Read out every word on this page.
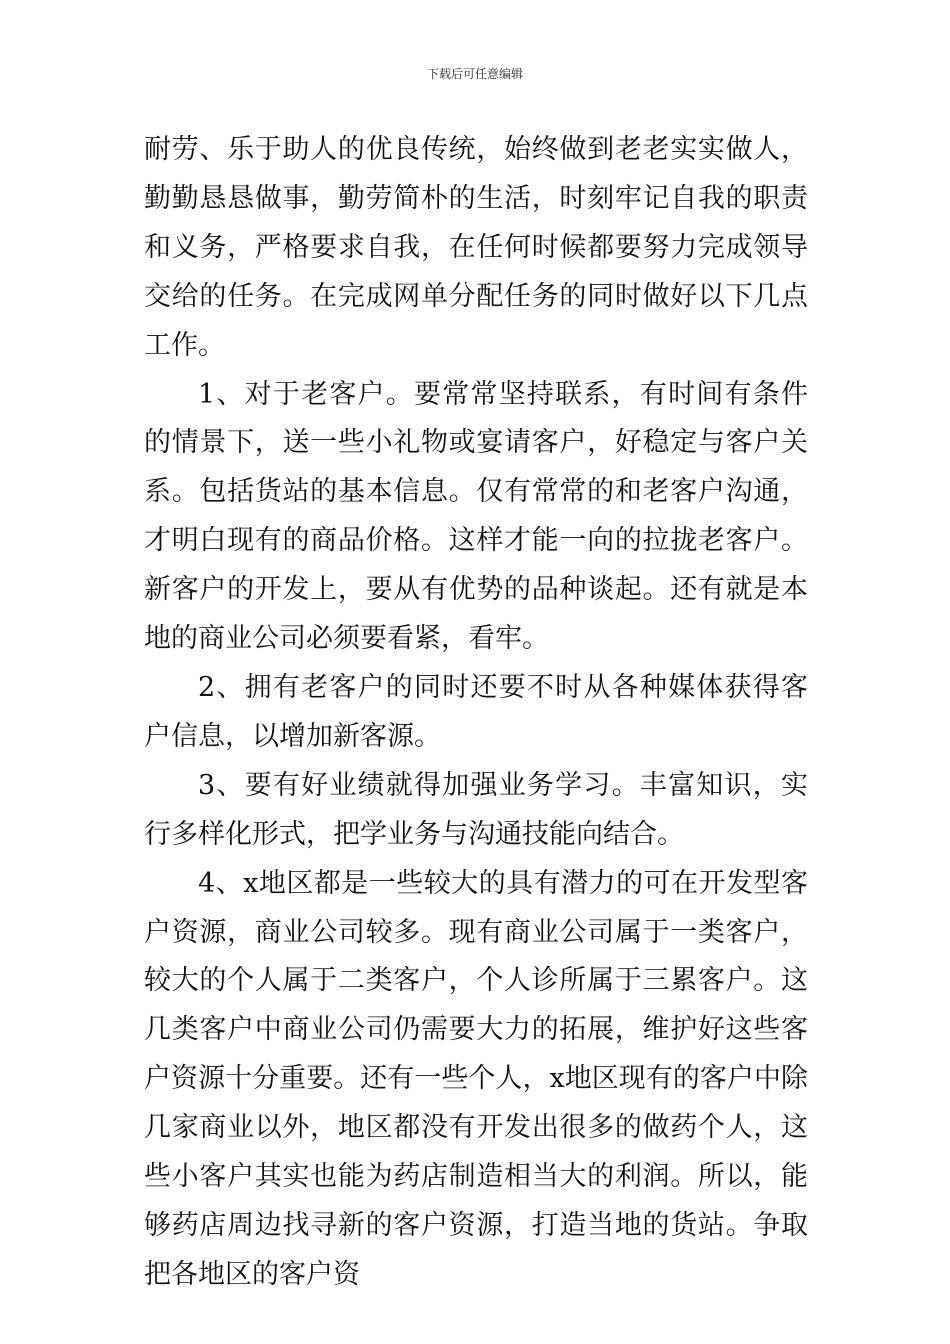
下载后可任意编辑

耐劳、乐于助人的优良传统，始终做到老老实实做人，勤勤恳恳做事，勤劳简朴的生活，时刻牢记自我的职责和义务，严格要求自我，在任何时候都要努力完成领导交给的任务。在完成网单分配任务的同时做好以下几点工作。

1、对于老客户。要常常坚持联系，有时间有条件的情景下，送一些小礼物或宴请客户，好稳定与客户关系。包括货站的基本信息。仅有常常的和老客户沟通，才明白现有的商品价格。这样才能一向的拉拢老客户。新客户的开发上，要从有优势的品种谈起。还有就是本地的商业公司必须要看紧，看牢。

2、拥有老客户的同时还要不时从各种媒体获得客户信息，以增加新客源。

3、要有好业绩就得加强业务学习。丰富知识，实行多样化形式，把学业务与沟通技能向结合。

4、x地区都是一些较大的具有潜力的可在开发型客户资源，商业公司较多。现有商业公司属于一类客户，较大的个人属于二类客户，个人诊所属于三累客户。这几类客户中商业公司仍需要大力的拓展，维护好这些客户资源十分重要。还有一些个人，x地区现有的客户中除几家商业以外，地区都没有开发出很多的做药个人，这些小客户其实也能为药店制造相当大的利润。所以，能够药店周边找寻新的客户资源，打造当地的货站。争取把各地区的客户资
